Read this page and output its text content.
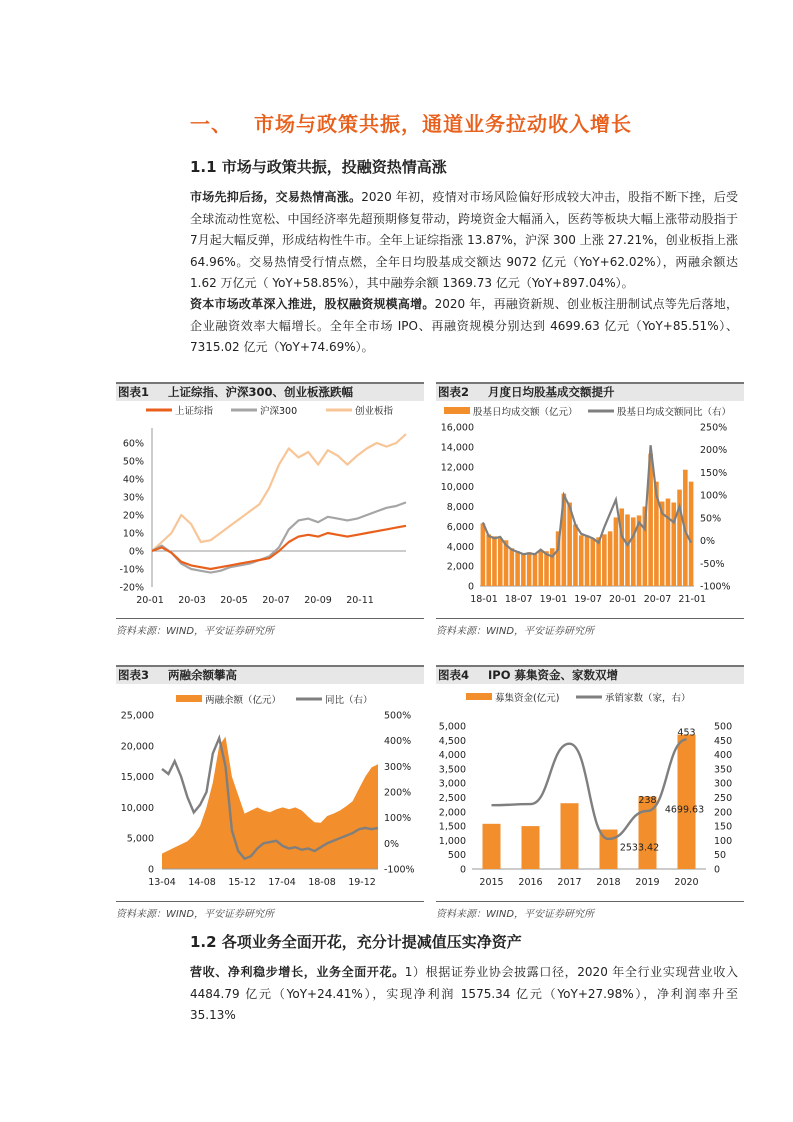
一、 市场与政策共振，通道业务拉动收入增长
1.1 市场与政策共振，投融资热情高涨
市场先抑后扬，交易热情高涨。2020 年初，疫情对市场风险偏好形成较大冲击，股指不断下挫，后受全球流动性宽松、中国经济率先超预期修复带动，跨境资金大幅涌入，医药等板块大幅上涨带动股指于 7月起大幅反弹，形成结构性牛市。全年上证综指涨 13.87%，沪深 300 上涨 27.21%，创业板指上涨 64.96%。交易热情受行情点燃，全年日均股基成交额达 9072 亿元（YoY+62.02%），两融余额达 1.62 万亿元（ YoY+58.85%），其中融券余额 1369.73 亿元（YoY+897.04%）。
资本市场改革深入推进，股权融资规模高增。2020 年，再融资新规、创业板注册制试点等先后落地，企业融资效率大幅增长。全年全市场 IPO、再融资规模分别达到 4699.63 亿元（YoY+85.51%）、7315.02 亿元（YoY+74.69%）。
图表1 上证综指、沪深300、创业板涨跌幅
上证综指	沪深300	创业板指
60%
50%
40%
30%
20%
10%
0%
-10%
-20%
20-01 20-03 20-05 20-07 20-09 20-11
资料来源：WIND，平安证券研究所
图表2 月度日均股基成交额提升
股基日均成交额（亿元）	股基日均成交额同比（右）
16,000
14,000
12,000
10,000
8,000
6,000
4,000
2,000
0
250%
200%
150%
100%
50%
0%
-50%
-100%
18-01 18-07 19-01 19-07 20-01 20-07 21-01
资料来源：WIND，平安证券研究所
图表3 两融余额攀高
两融余额（亿元）	同比（右）
25,000
20,000
15,000
10,000
5,000
0
500%
400%
300%
200%
100%
0%
-100%
13-04 14-08 15-12 17-04 18-08 19-12
资料来源：WIND，平安证券研究所
图表4 IPO 募集资金、家数双增
募集资金(亿元)	承销家数（家，右）
5,000
4,500
4,000
3,500
3,000
2,500
2,000
1,500
1,000
500
0
500
450
400
350
300
250
200
150
100
50
0
2015 2016 2017 2018 2019 2020
2533.42
4699.63
238
453
资料来源：WIND，平安证券研究所
1.2 各项业务全面开花，充分计提减值压实净资产
营收、净利稳步增长，业务全面开花。1）根据证券业协会披露口径，2020 年全行业实现营业收入 4484.79 亿元（YoY+24.41%），实现净利润 1575.34 亿元（YoY+27.98%），净利润率升至 35.13%
